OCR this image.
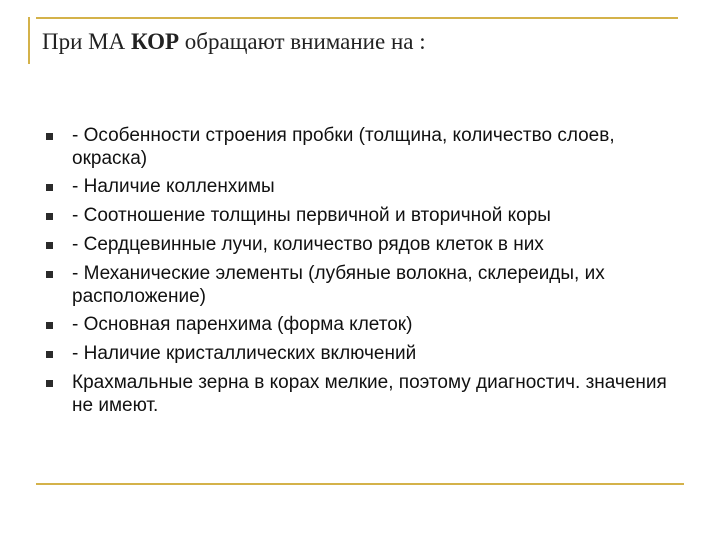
При МА КОР обращают внимание на :
- Особенности строения пробки (толщина, количество слоев, окраска)
- Наличие колленхимы
- Соотношение толщины первичной и вторичной коры
- Сердцевинные лучи, количество рядов клеток в них
- Механические элементы (лубяные волокна, склереиды, их расположение)
- Основная паренхима (форма клеток)
- Наличие кристаллических включений
Крахмальные зерна в корах мелкие, поэтому диагностич. значения не имеют.
